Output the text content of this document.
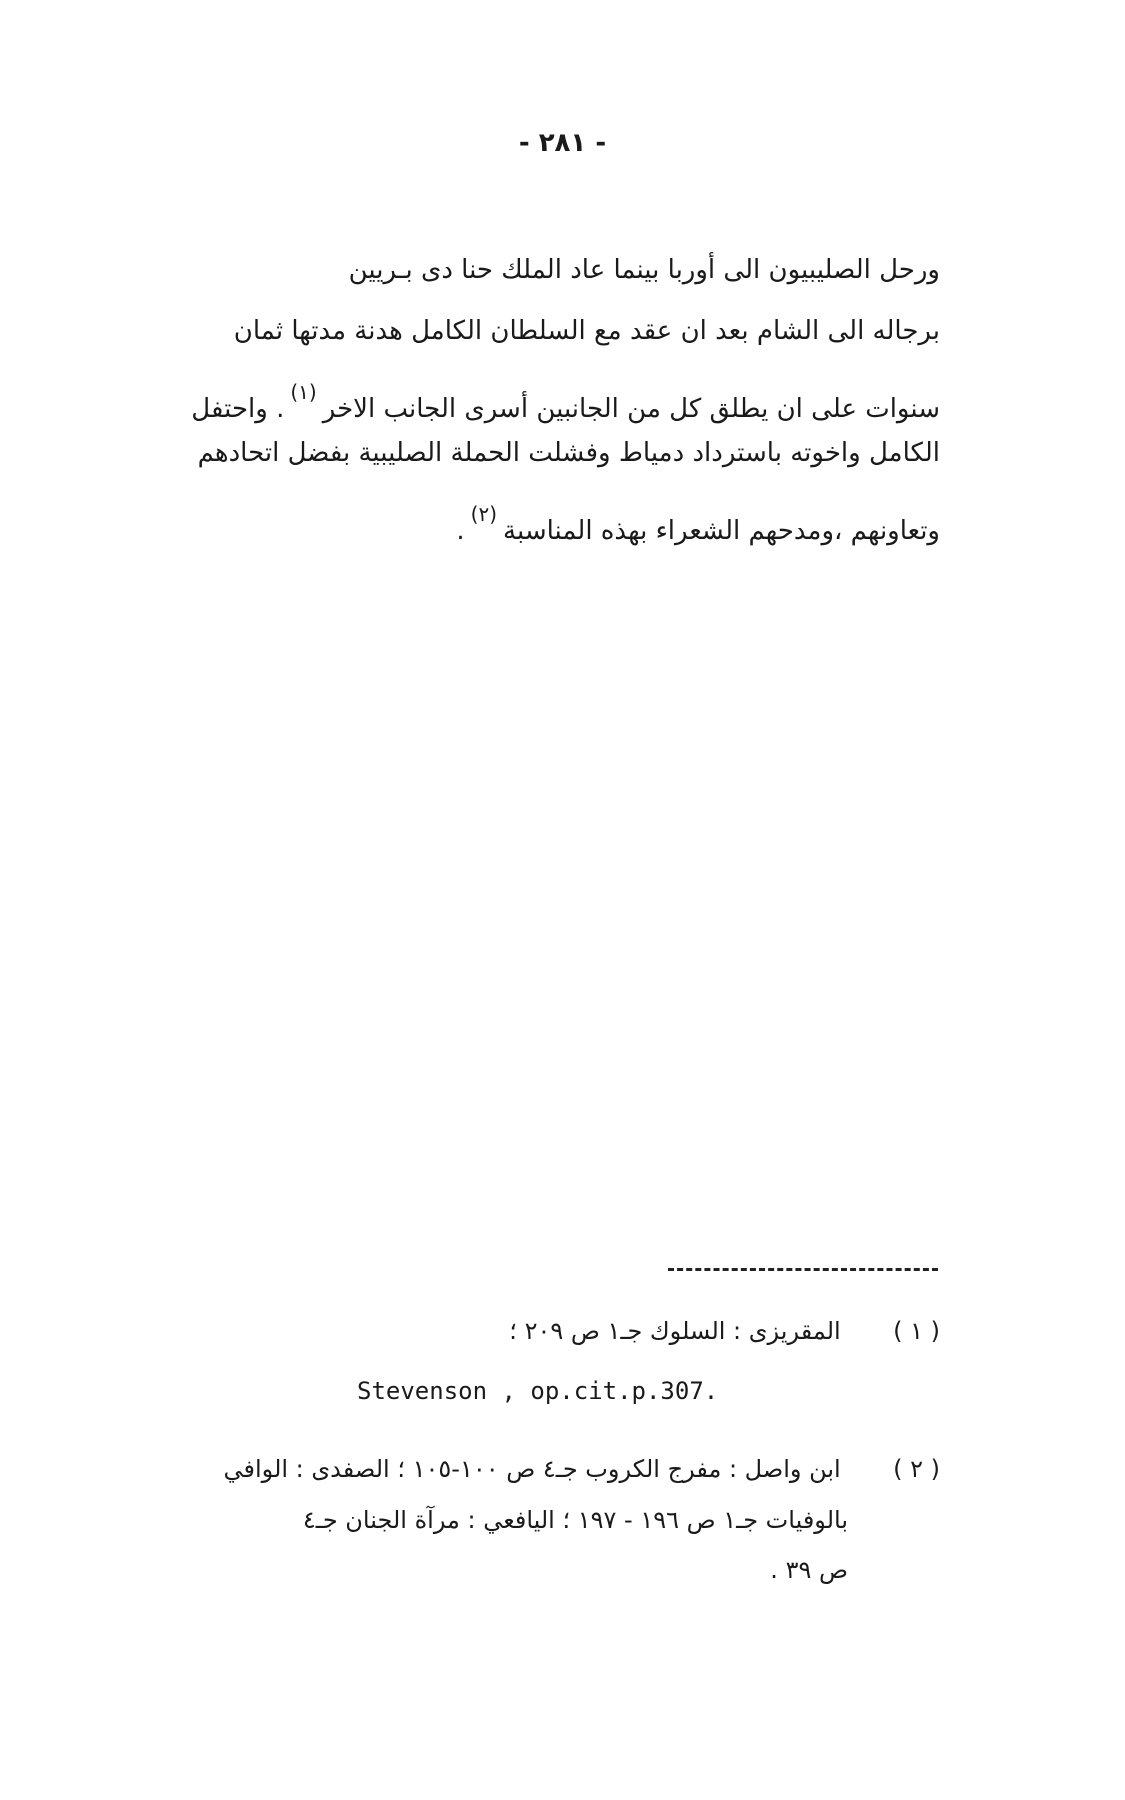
- ٢٨١ -
ورحل الصليبيون الى أوربا بينما عاد الملك حنا دى بـريين
برجاله الى الشام بعد ان عقد مع السلطان الكامل هدنة مدتها ثمان
سنوات على ان يطلق كل من الجانبين أسرى الجانب الاخر$^{(١)}$. واحتفل
الكامل واخوته باسترداد دمياط وفشلت الحملة الصليبية بفضل اتحادهم
وتعاونهم ،ومدحهم الشعراء بهذه المناسبة$^{(٢)}$.
( ١ )  المقريزى : السلوك جـ١ ص ٢٠٩ ؛
Stevenson , op.cit.p.307.
( ٢ )  ابن واصل : مفرج الكروب جـ٤ ص ١٠٠-١٠٥ ؛ الصفدى : الوافي
بالوفيات جـ١ ص ١٩٦ - ١٩٧ ؛ اليافعي : مرآة الجنان جـ٤
ص ٣٩ .
